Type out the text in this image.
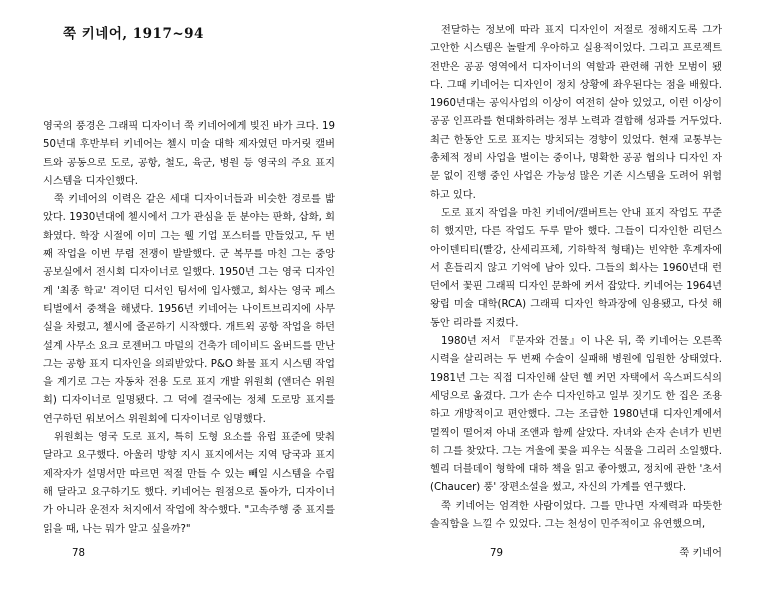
쭉 키네어, 1917~94

영국의 풍경은 그래픽 디자이너 쭉 키네어에게 빚진 바가 크다. 1950년대 후반부터 키네어는 첼시 미술 대학 제자였던 마거릿 캘버트와 공동으로 도로, 공항, 철도, 육군, 병원 등 영국의 주요 표지 시스템을 디자인했다.

쭉 키네어의 이력은 같은 세대 디자이너들과 비슷한 경로를 밟았다. 1930년대에 첼시에서 그가 관심을 둔 분야는 판화, 삽화, 회화였다. 학장 시절에 이미 그는 웰 기업 포스터를 만들었고, 두 번째 작업을 이번 무렵 전쟁이 발발했다. 군 복무를 마친 그는 중앙 공보실에서 전시회 디자이너로 일했다. 1950년 그는 영국 디자인계 '최종 학교' 격이던 디서인 팀서에 입사했고, 회사는 영국 페스티벌에서 중책을 해냈다. 1956년 키네어는 나이트브리지에 사무실을 차렸고, 첼시에 줄곧하기 시작했다. 개트윅 공항 작업을 하던 설계 사무소 요크 로젠버그 마덜의 건축가 데이비드 올버드를 만난 그는 공항 표지 디자인을 의뢰받았다. P&O 화물 표지 시스템 작업을 계기로 그는 자동차 전용 도로 표지 개발 위원회 (앤더슨 위원회) 디자이너로 일명됐다. 그 덕에 결국에는 정체 도로망 표지를 연구하던 워보어스 위원회에 디자이너로 임명했다.

위원회는 영국 도로 표지, 특히 도형 요소를 유럽 표준에 맞춰 달라고 요구했다. 아울러 방향 지시 표지에서는 지역 당국과 표지 제작자가 설명서만 따르면 적절 만들 수 있는 빼일 시스템을 수립해 달라고 요구하기도 했다. 키네어는 원점으로 돌아가, 디자이너가 아니라 운전자 처지에서 작업에 착수했다. "고속주행 중 표지를 읽을 때, 나는 뭐가 알고 싶을까?"

78

전달하는 정보에 따라 표지 디자인이 저절로 정해지도록 그가 고안한 시스템은 놀랄게 우아하고 실용적이었다. 그리고 프로젝트 전반은 공공 영역에서 디자이너의 역할과 관련해 귀한 모범이 됐다. 그때 키네어는 디자인이 정치 상황에 좌우된다는 점을 배웠다. 1960년대는 공익사업의 이상이 여전히 살아 있었고, 이런 이상이 공공 인프라를 현대화하려는 정부 노력과 결합해 성과를 거두었다. 최근 한동안 도로 표지는 방치되는 경향이 있었다. 현재 교통부는 총체적 정비 사업을 벌이는 중이나, 명확한 공공 협의나 디자인 자문 없이 진행 중인 사업은 가능성 많은 기존 시스템을 도려어 위험하고 있다.

도로 표지 작업을 마친 키네어/캘버트는 안내 표지 작업도 꾸준히 했지만, 다른 작업도 두루 맡아 했다. 그들이 디자인한 리던스 아이덴티티(빨강, 산세리프체, 기하학적 형태)는 빈약한 후계자에서 흔들리지 않고 기억에 남아 있다. 그들의 회사는 1960년대 런던에서 꽃핀 그래픽 디자인 문화에 커서 잡았다. 키네어는 1964년 왕립 미술 대학(RCA) 그래픽 디자인 학과장에 임용됐고, 다섯 해 동안 리라를 지켰다.

1980년 저서 『문자와 건물』이 나온 뒤, 쭉 키네어는 오른쪽 시력을 살리려는 두 번째 수술이 실패해 병원에 입원한 상태였다. 1981년 그는 직접 디자인해 살던 헬 커먼 자택에서 옥스퍼드식의 세덩으로 옮겼다. 그가 손수 디자인하고 일부 짓기도 한 집은 조용하고 개방적이고 편안했다. 그는 조급한 1980년대 디자인계에서 멀찍이 떨어져 아내 조앤과 함께 살았다. 자녀와 손자 손녀가 빈번히 그를 찾았다. 그는 겨울에 꽃을 피우는 식물을 그리러 소일했다. 헬리 더블데이 형학에 대하 책을 읽고 좋아했고, 정치에 관한 '초서 (Chaucer) 풍' 장편소설을 썼고, 자신의 가계를 연구했다.

쭉 키네어는 엄격한 사람이었다. 그를 만나면 자제력과 따뜻한 솔직함을 느낄 수 있었다. 그는 천성이 민주적이고 유연했으며,

79	쭉 키네어
